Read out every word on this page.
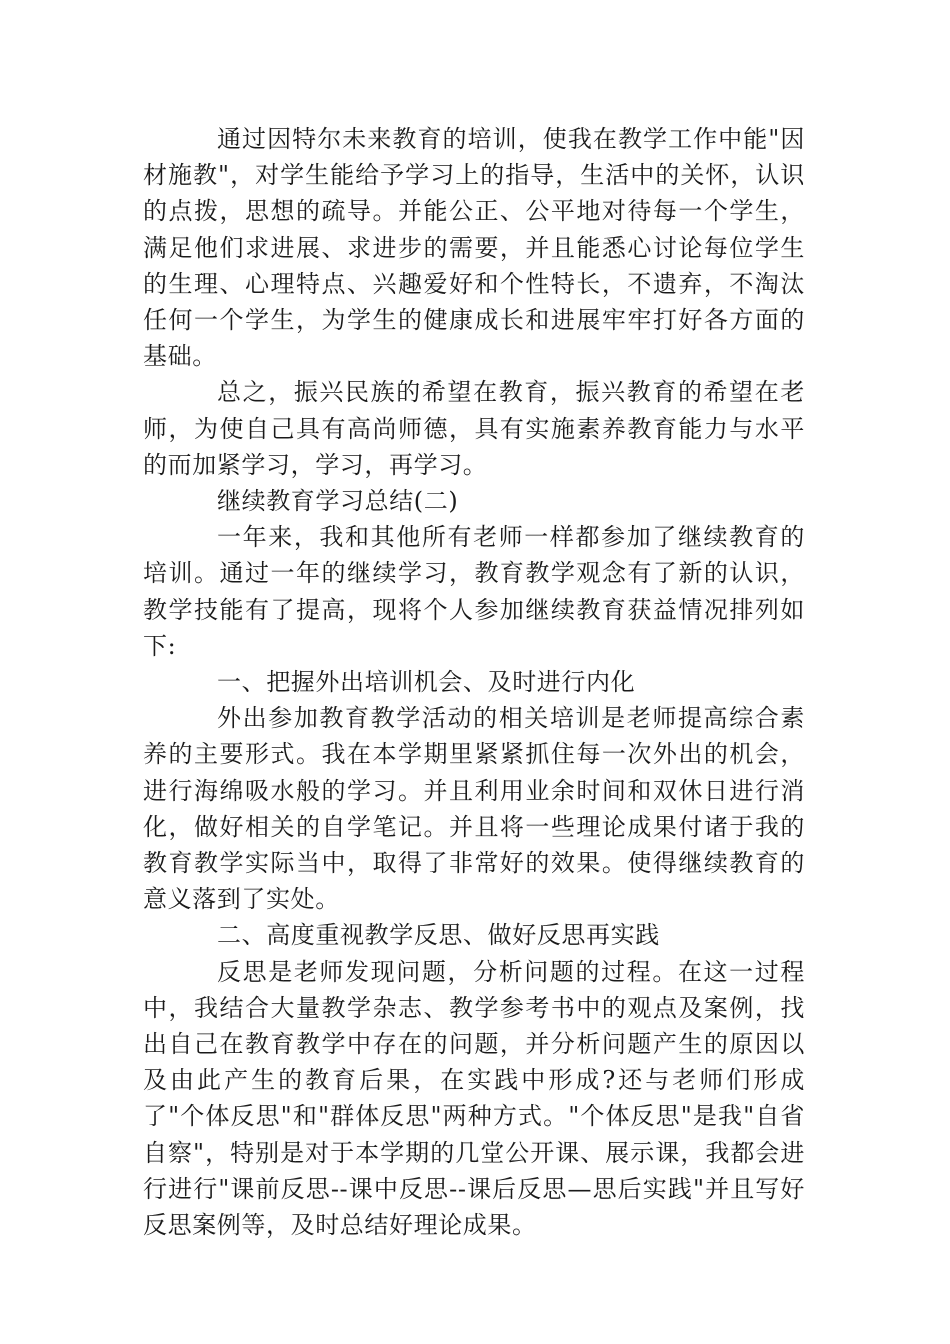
通过因特尔未来教育的培训，使我在教学工作中能"因材施教"，对学生能给予学习上的指导，生活中的关怀，认识的点拨，思想的疏导。并能公正、公平地对待每一个学生，满足他们求进展、求进步的需要，并且能悉心讨论每位学生的生理、心理特点、兴趣爱好和个性特长，不遗弃，不淘汰任何一个学生，为学生的健康成长和进展牢牢打好各方面的基础。

总之，振兴民族的希望在教育，振兴教育的希望在老师，为使自己具有高尚师德，具有实施素养教育能力与水平的而加紧学习，学习，再学习。

继续教育学习总结(二)

一年来，我和其他所有老师一样都参加了继续教育的培训。通过一年的继续学习，教育教学观念有了新的认识，教学技能有了提高，现将个人参加继续教育获益情况排列如下:

一、把握外出培训机会、及时进行内化

外出参加教育教学活动的相关培训是老师提高综合素养的主要形式。我在本学期里紧紧抓住每一次外出的机会，进行海绵吸水般的学习。并且利用业余时间和双休日进行消化，做好相关的自学笔记。并且将一些理论成果付诸于我的教育教学实际当中，取得了非常好的效果。使得继续教育的意义落到了实处。

二、高度重视教学反思、做好反思再实践

反思是老师发现问题，分析问题的过程。在这一过程中，我结合大量教学杂志、教学参考书中的观点及案例，找出自己在教育教学中存在的问题，并分析问题产生的原因以及由此产生的教育后果，在实践中形成?还与老师们形成了"个体反思"和"群体反思"两种方式。"个体反思"是我"自省自察"，特别是对于本学期的几堂公开课、展示课，我都会进行进行"课前反思--课中反思--课后反思—思后实践"并且写好反思案例等，及时总结好理论成果。
